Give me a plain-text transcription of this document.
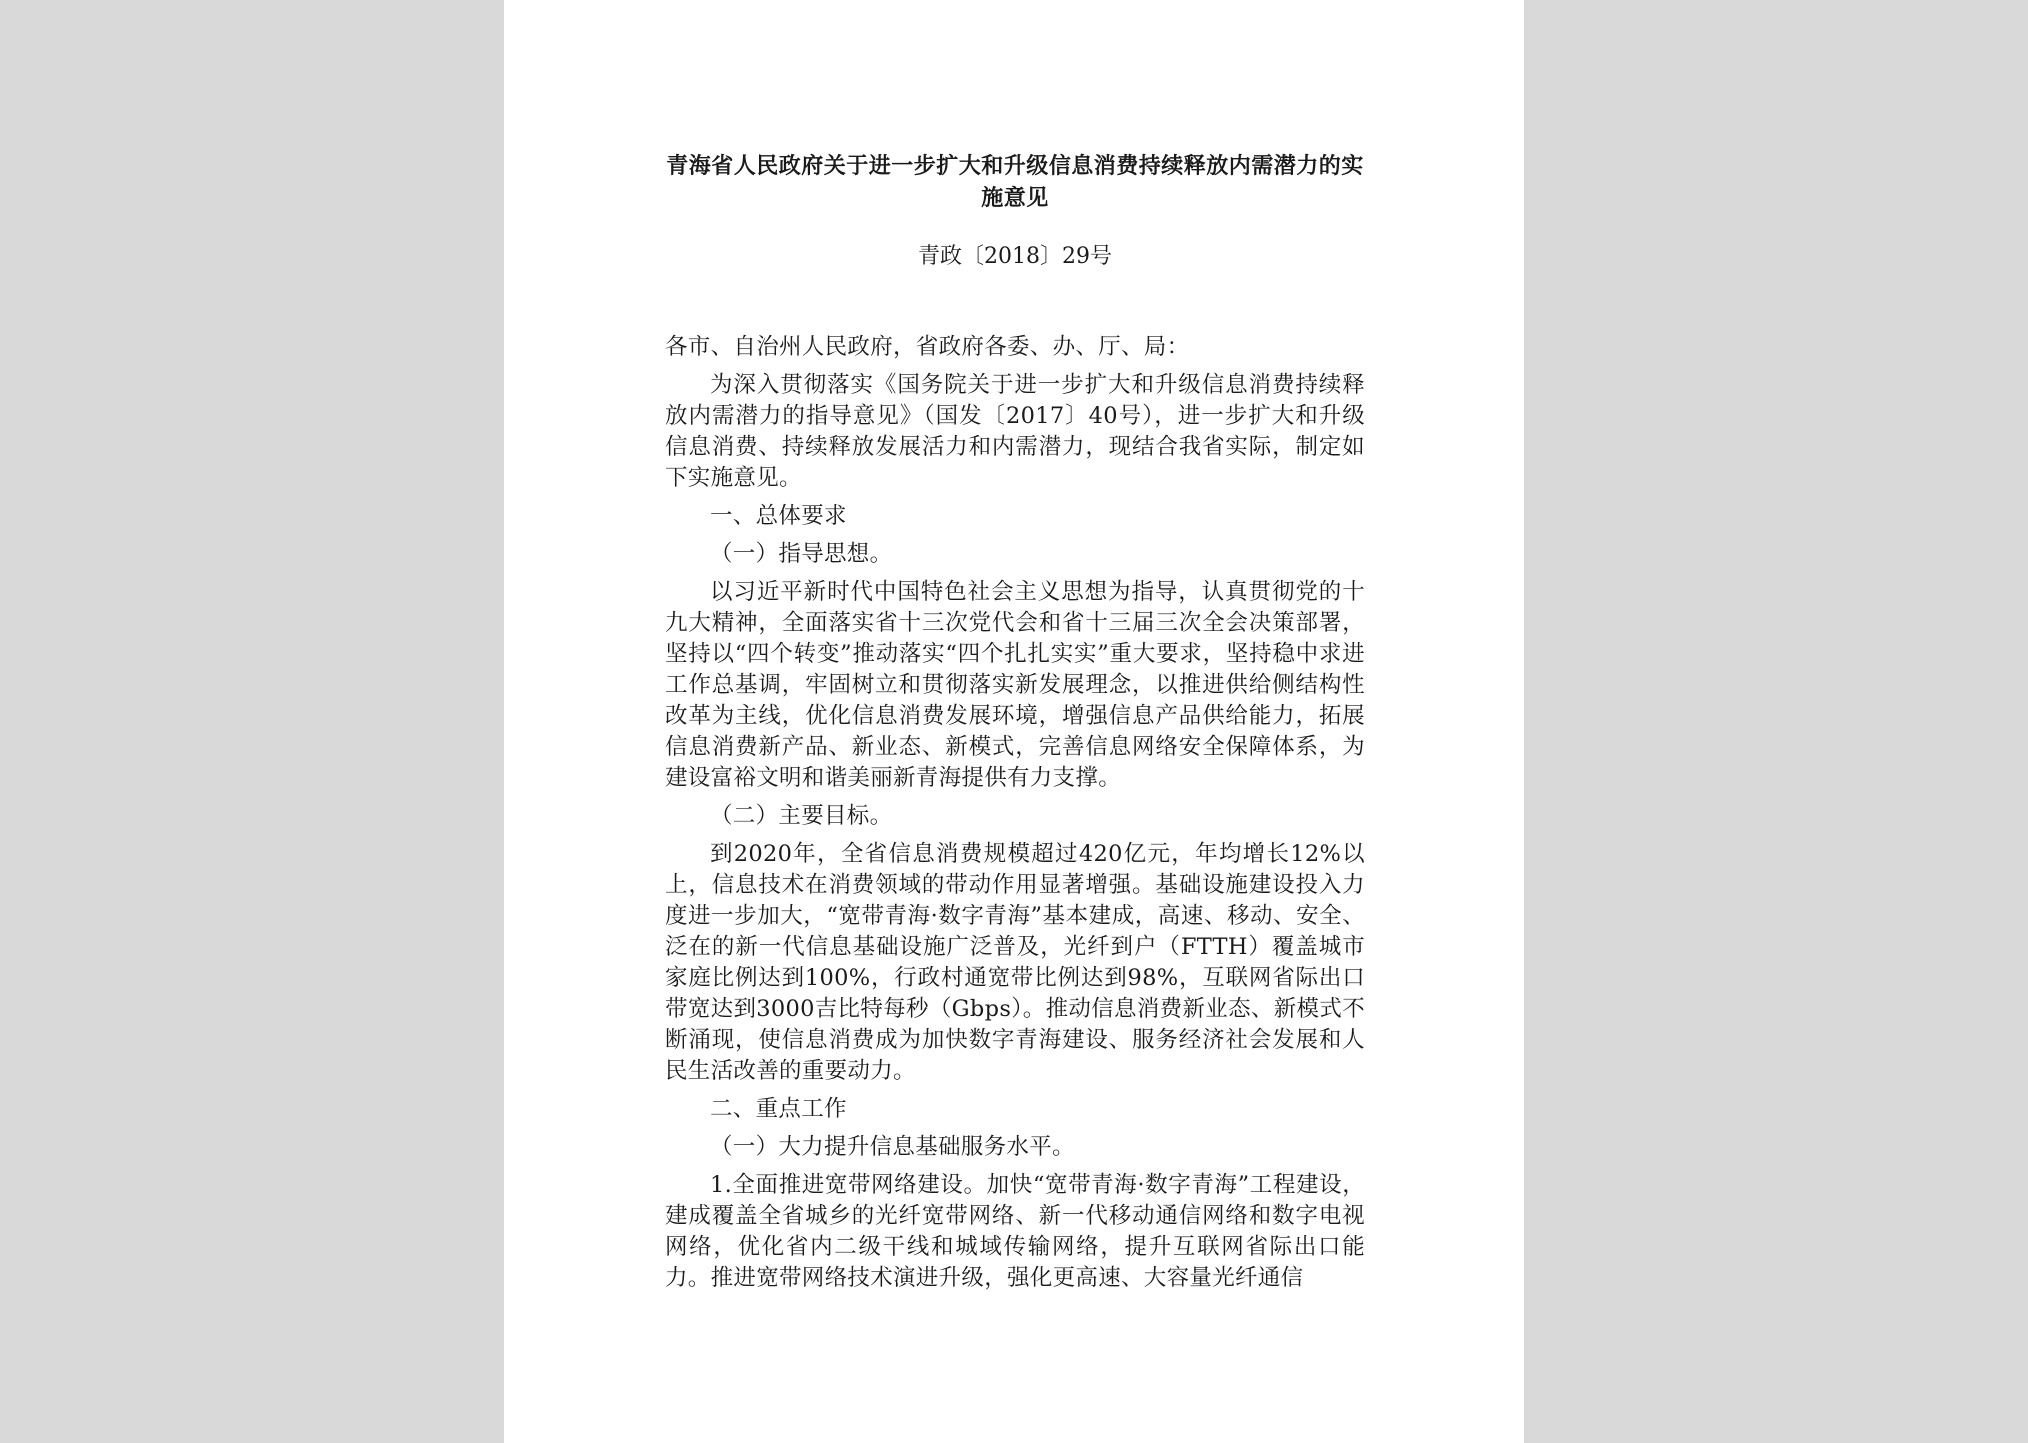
青海省人民政府关于进一步扩大和升级信息消费持续释放内需潜力的实施意见
青政〔2018〕29号
各市、自治州人民政府，省政府各委、办、厅、局：
为深入贯彻落实《国务院关于进一步扩大和升级信息消费持续释放内需潜力的指导意见》（国发〔2017〕40号），进一步扩大和升级信息消费、持续释放发展活力和内需潜力，现结合我省实际，制定如下实施意见。
一、总体要求
（一）指导思想。
以习近平新时代中国特色社会主义思想为指导，认真贯彻党的十九大精神，全面落实省十三次党代会和省十三届三次全会决策部署，坚持以“四个转变”推动落实“四个扎扎实实”重大要求，坚持稳中求进工作总基调，牢固树立和贯彻落实新发展理念，以推进供给侧结构性改革为主线，优化信息消费发展环境，增强信息产品供给能力，拓展信息消费新产品、新业态、新模式，完善信息网络安全保障体系，为建设富裕文明和谐美丽新青海提供有力支撑。
（二）主要目标。
到2020年，全省信息消费规模超过420亿元，年均增长12%以上，信息技术在消费领域的带动作用显著增强。基础设施建设投入力度进一步加大，“宽带青海·数字青海”基本建成，高速、移动、安全、泛在的新一代信息基础设施广泛普及，光纤到户（FTTH）覆盖城市家庭比例达到100%，行政村通宽带比例达到98%，互联网省际出口带宽达到3000吉比特每秒（Gbps）。推动信息消费新业态、新模式不断涌现，使信息消费成为加快数字青海建设、服务经济社会发展和人民生活改善的重要动力。
二、重点工作
（一）大力提升信息基础服务水平。
1.全面推进宽带网络建设。加快“宽带青海·数字青海”工程建设，建成覆盖全省城乡的光纤宽带网络、新一代移动通信网络和数字电视网络，优化省内二级干线和城域传输网络，提升互联网省际出口能力。推进宽带网络技术演进升级，强化更高速、大容量光纤通信
